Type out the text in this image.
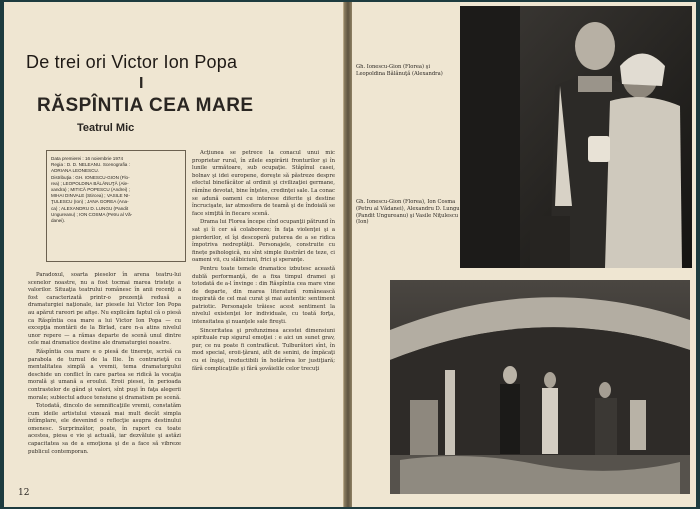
De trei ori Victor Ion Popa
I
RĂSPÎNTIA CEA MARE
Teatrul Mic

Data premierei : 16 noiembrie 1974

Regia : D. D. NELEANU. Scenografia :

ADRIANA LEONESCU.

Distribuţia : GH. IONESCU-GION (Flo-

rea) ; LEOPOLDINA BĂLĂNUŢĂ (Ale-

xandra) ; MITICĂ POPESCU (Andrei) ;

MIHAI DINVALE (Stircea) ; VASILE NI-

ŢULESCU (Ion) ; JANA GOREA (Ana-

ca) ; ALEXANDRU D. LUNGU (Pandit

Ungureanu) ; ION COSMA (Petru al Vă-

danei).

Paradoxul, soarta pieselor în arena teatru-lui scenelor noastre, nu a fost tocmai marea tristeţe a valorilor. Situaţia teatrului românesc în anii recenţi a fost caracterizată printr-o prezenţă redusă a dramaturgiei naţionale, iar piesele lui Victor Ion Popa au apărut rareori pe afişe. Nu explicăm faptul că o piesă ca Răspîntia cea mare a lui Victor Ion Popa — cu excepţia montării de la Birlad, care n-a atins nivelul unor repere — a rămas departe de scenă unul dintre cele mai dramatice destine ale dramaturgiei noastre.

Răspîntia cea mare e o piesă de tinereţe, scrisă ca parabola de turnul de la Ilie. În contrarieţă cu mentalitatea simplă a vremii, tema dramaturgului deschide un conflict în care partea se ridică la vocaţia morală şi umană a eroului. Eroii piesei, în perioada contrastelor de gând şi valori, sînt puşi în faţa alegerii morale; subiectul aduce tensiune şi dramatism pe scenă.

Totodată, dincolo de semnificaţiile vremii, constatăm cum ideile artistului vizează mai mult decât simpla întîmplare, ele devenind o reflecţie asupra destinului omenesc. Surprinzător, poate, în raport cu toate acestea, piesa e vie şi actuală, iar dezvăluie şi astăzi capacitatea sa de a emoţiona şi de a face să vibreze publicul contemporan.

Acţiunea se petrece la conacul unui mic proprietar rural, în zilele expirării fronturilor şi în lunile următoare, sub ocupaţie. Stăpînul casei, bolnav şi idei europene, doreşte să păstreze despre efectul binefăcător al ordinii şi civilizaţiei germane, rămîne devotat, bine înţeles, credinţei sale. La conac se adună oameni cu interese diferite şi destine încrucişate, iar atmosfera de teamă şi de îndoială se face simţită în fiecare scenă.

Drama lui Florea începe cînd ocupanţii pătrund în sat şi îi cer să colaboreze; în faţa violenţei şi a pierderilor, el îşi descoperă puterea de a se ridica împotriva nedreptăţii. Personajele, construite cu finețe psihologică, nu sînt simple ilustrări de teze, ci oameni vii, cu slăbiciuni, frici şi speranţe.

Pentru toate temele dramatice izbutesc această dublă performanţă, de a fixa timpul dramei şi totodată de a-l învinge : din Răspîntia cea mare vine de departe, din marea literatură românească inspirată de cel mai curat şi mai autentic sentiment patriotic. Personajele trăiesc acest sentiment la nivelul existenţei lor individuale, cu toată forţa, intensitatea şi nuanţele sale fireşti.

Sinceritatea şi profunzimea acestei dimensiuni spirituale rup sigurul emoţiei : e aici un sunet grav, pur, ce nu poate fi contrafăcut. Tulburători sînt, în mod special, eroii-ţărani, atît de senini, de împăcaţi cu ei înşişi, ireductibili în hotărîrea lor justiţiară; fără complicaţiile şi fără şovăielile celor trecuţi

12
Gh. Ionescu-Gion (Florea) şi Leopoldina Bălănuţă (Alexandra)
Gh. Ionescu-Gion (Florea), Ion Cosma (Petru al Vădanei), Alexandru D. Lungu (Pandit Ungureanu) şi Vasile Niţulescu (Ion)
